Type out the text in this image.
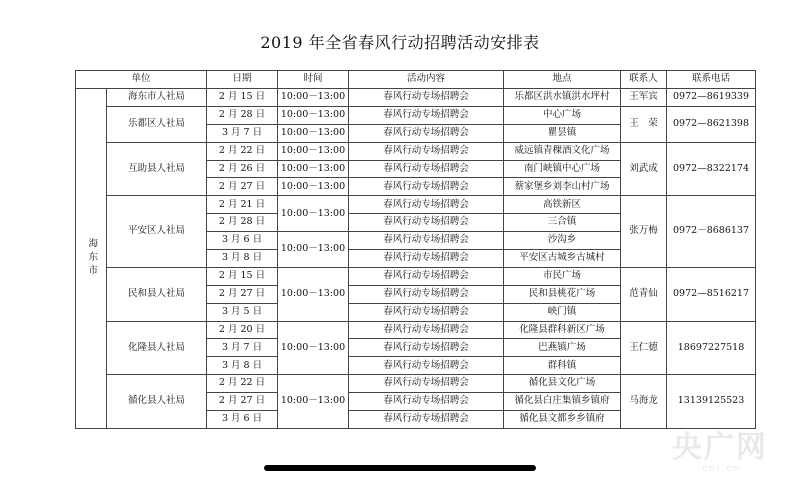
2019 年全省春风行动招聘活动安排表
单位		日期	时间	活动内容	地点	联系人	联系电话
海东市	海东市人社局	2 月 15 日	10:00－13:00	春风行动专场招聘会	乐都区洪水镇洪水坪村	王军宾	0972—8619339
	乐都区人社局	2 月 28 日	10:00－13:00	春风行动专场招聘会	中心广场	王　荣	0972—8621398
		3 月 7 日	10:00－13:00	春风行动专场招聘会	瞿昙镇		
	互助县人社局	2 月 22 日	10:00－13:00	春风行动专场招聘会	威远镇青稞酒文化广场	刘武成	0972—8322174
		2 月 26 日	10:00－13:00	春风行动专场招聘会	南门峡镇中心广场		
		2 月 27 日	10:00－13:00	春风行动专场招聘会	蔡家堡乡刘李山村广场		
	平安区人社局	2 月 21 日	10:00－13:00	春风行动专场招聘会	高铁新区	张万梅	0972－8686137
		2 月 28 日		春风行动专场招聘会	三合镇		
		3 月 6 日	10:00－13:00	春风行动专场招聘会	沙沟乡		
		3 月 8 日		春风行动专场招聘会	平安区古城乡古城村		
	民和县人社局	2 月 15 日	10:00－13:00	春风行动专场招聘会	市民广场	范青仙	0972—8516217
		2 月 27 日		春风行动专场招聘会	民和县桃花广场		
		3 月 5 日		春风行动专场招聘会	峡门镇		
	化隆县人社局	2 月 20 日	10:00－13:00	春风行动专场招聘会	化隆县群科新区广场	王仁德	18697227518
		3 月 7 日		春风行动专场招聘会	巴燕镇广场		
		3 月 8 日		春风行动专场招聘会	群科镇		
	循化县人社局	2 月 22 日	10:00－13:00	春风行动专场招聘会	循化县文化广场	马海龙	13139125523
		2 月 27 日		春风行动专场招聘会	循化县白庄集镇乡镇府		
		3 月 6 日		春风行动专场招聘会	循化县文都乡乡镇府		
央广网
cnr.cn
